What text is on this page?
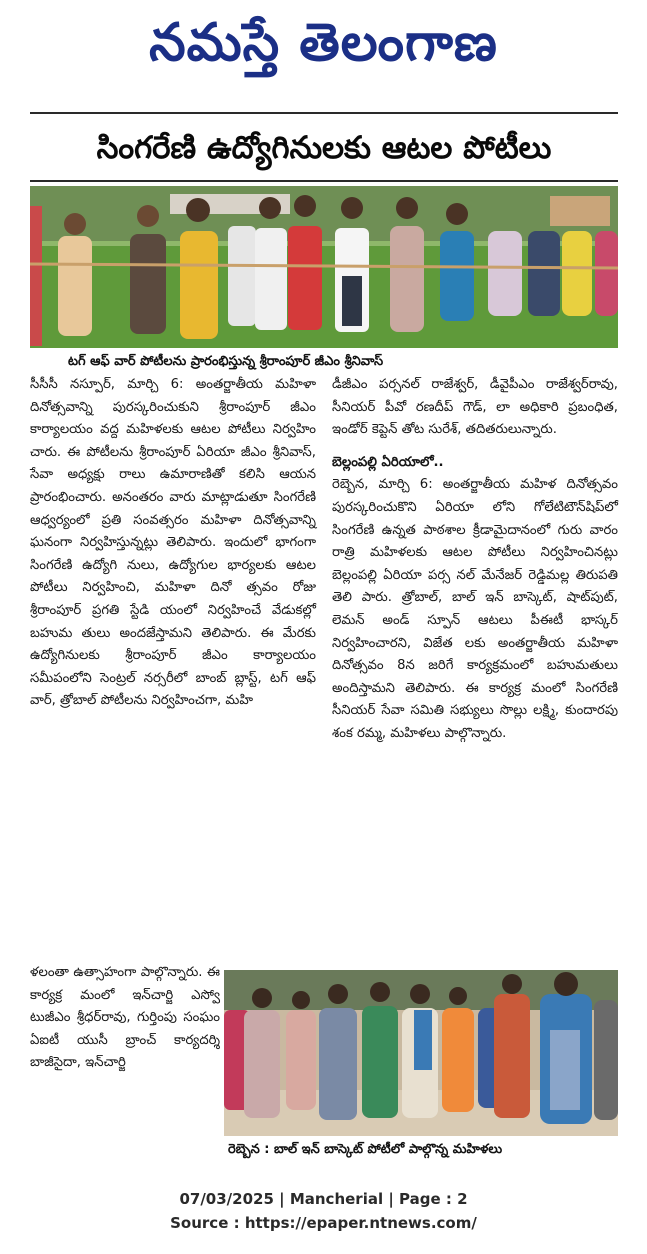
నమస్తే తెలంగాణ
సింగరేణి ఉద్యోగినులకు ఆటల పోటీలు
టగ్ ఆఫ్ వార్ పోటీలను ప్రారంభిస్తున్న శ్రీరాంపూర్ జీఎం శ్రీనివాస్

సీసీసీ నస్పూర్, మార్చి 6: అంతర్జాతీయ మహిళా దినోత్సవాన్ని పురస్కరించుకుని శ్రీరాంపూర్ జీఎం కార్యాలయం వద్ద మహిళలకు ఆటల పోటీలు నిర్వహిం చారు. ఈ పోటీలను శ్రీరాంపూర్ ఏరియా జీఎం శ్రీనివాస్, సేవా అధ్యక్షు రాలు ఉమారాణితో కలిసి ఆయన ప్రారంభించారు. అనంతరం వారు మాట్లాడుతూ సింగరేణి ఆధ్వర్యంలో ప్రతి సంవత్సరం మహిళా దినోత్సవాన్ని ఘనంగా నిర్వహిస్తున్నట్లు తెలిపారు. ఇందులో భాగంగా సింగరేణి ఉద్యోగి నులు, ఉద్యోగుల భార్యలకు ఆటల పోటీలు నిర్వహించి, మహిళా దినో త్సవం రోజు శ్రీరాంపూర్ ప్రగతి స్టేడి యంలో నిర్వహించే వేడుకల్లో బహుమ తులు అందజేస్తామని తెలిపారు. ఈ మేరకు ఉద్యోగినులకు శ్రీరాంపూర్ జీఎం కార్యాలయం సమీపంలోని సెంట్రల్ నర్సరీలో బాంబ్ బ్లాస్ట్, టగ్ ఆఫ్ వార్, త్రోబాల్ పోటీలను నిర్వహించగా, మహి

ళలంతా ఉత్సాహంగా పాల్గొన్నారు. ఈ కార్యక్ర మంలో ఇన్‌చార్జి ఎస్వో టుజీఎం శ్రీధర్‌రావు, గుర్తింపు సంఘం ఏఐటీ యుసీ బ్రాంచ్ కార్యదర్శి బాజీసైదా, ఇన్‌చార్జి

డీజీఎం పర్సనల్ రాజేశ్వర్, డీవైపీఎం రాజేశ్వర్‌రావు, సీనియర్ పీవో రణదీప్ గౌడ్, లా అధికారి ప్రబంధిత, ఇండోర్ కెప్టెన్ తోట సురేశ్, తదితరులున్నారు.

బెల్లంపల్లి ఏరియాలో..

రెబ్బెన, మార్చి 6: అంతర్జాతీయ మహిళ దినోత్సవం పురస్కరించుకొని ఏరియా లోని గోలేటిటౌన్‌షిప్‌లో సింగరేణి ఉన్నత పాఠశాల క్రీడామైదానంలో గురు వారం రాత్రి మహిళలకు ఆటల పోటీలు నిర్వహించినట్లు బెల్లంపల్లి ఏరియా పర్స నల్ మేనేజర్ రెడ్డిమల్ల తిరుపతి తెలి పారు. త్రోబాల్, బాల్ ఇన్ బాస్కెట్, షాట్‌పుట్, లెమన్ అండ్ స్పూన్ ఆటలు పీఈటీ భాస్కర్ నిర్వహించారని, విజేత లకు అంతర్జాతీయ మహిళా దినోత్సవం 8న జరిగే కార్యక్రమంలో బహుమతులు అందిస్తామని తెలిపారు. ఈ కార్యక్ర మంలో సింగరేణి సీనియర్ సేవా సమితి సభ్యులు సొల్లు లక్ష్మి, కుందారపు శంక రమ్మ, మహిళలు పాల్గొన్నారు.

రెబ్బెన : బాల్ ఇన్ బాస్కెట్ పోటీలో పాల్గొన్న మహిళలు
07/03/2025 | Mancherial | Page : 2
Source : https://epaper.ntnews.com/
